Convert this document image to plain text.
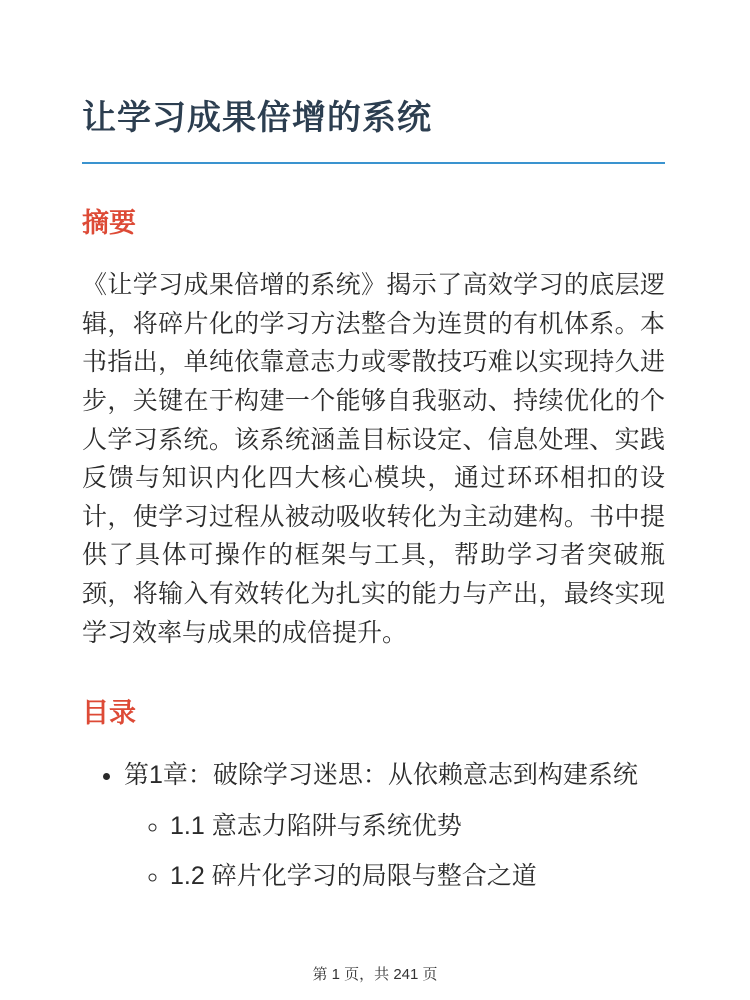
让学习成果倍增的系统
摘要

《让学习成果倍增的系统》揭示了高效学习的底层逻辑，将碎片化的学习方法整合为连贯的有机体系。本书指出，单纯依靠意志力或零散技巧难以实现持久进步，关键在于构建一个能够自我驱动、持续优化的个人学习系统。该系统涵盖目标设定、信息处理、实践反馈与知识内化四大核心模块，通过环环相扣的设计，使学习过程从被动吸收转化为主动建构。书中提供了具体可操作的框架与工具，帮助学习者突破瓶颈，将输入有效转化为扎实的能力与产出，最终实现学习效率与成果的成倍提升。

目录
• 第1章：破除学习迷思：从依赖意志到构建系统
◦ 1.1 意志力陷阱与系统优势
◦ 1.2 碎片化学习的局限与整合之道
第 1 页，共 241 页
